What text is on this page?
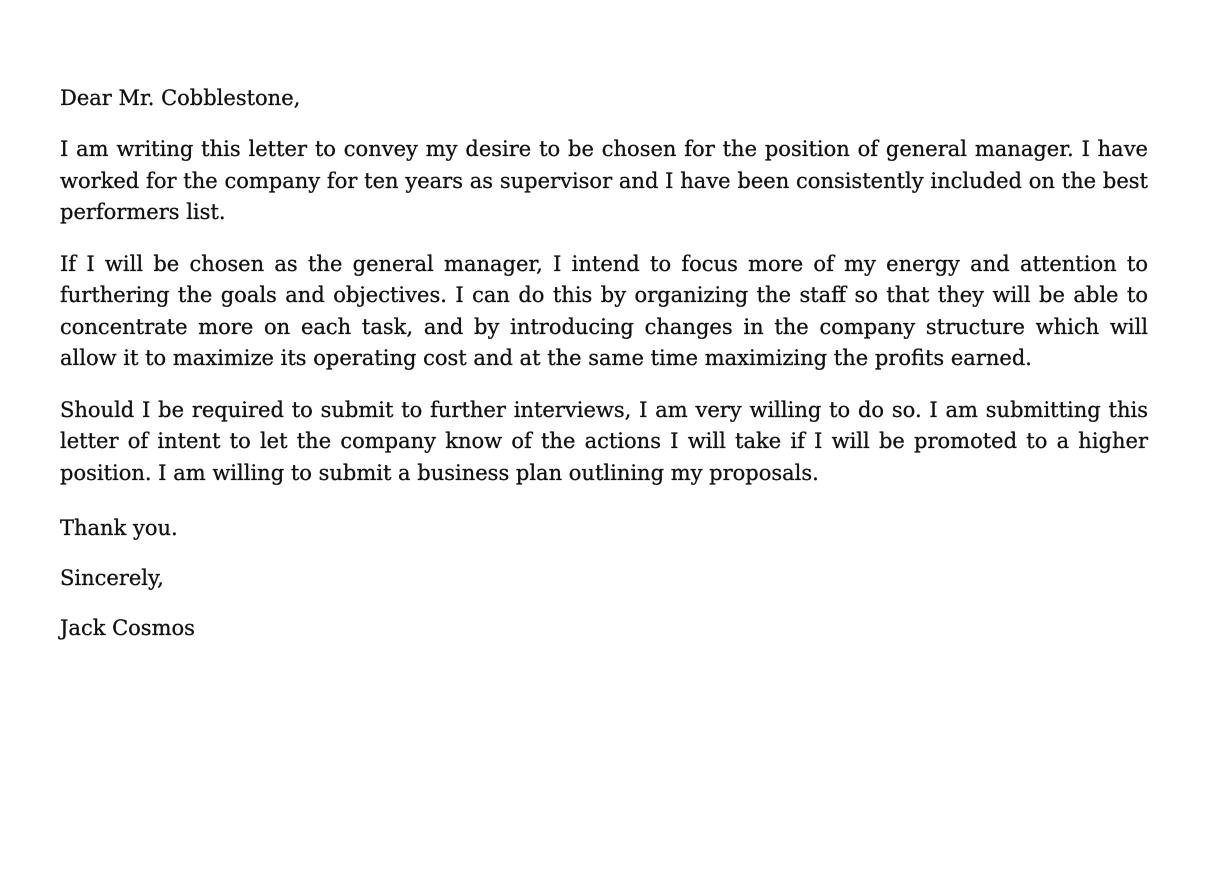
Dear Mr. Cobblestone,

I am writing this letter to convey my desire to be chosen for the position of general manager. I have worked for the company for ten years as supervisor and I have been consistently included on the best performers list.

If I will be chosen as the general manager, I intend to focus more of my energy and attention to furthering the goals and objectives. I can do this by organizing the staff so that they will be able to concentrate more on each task, and by introducing changes in the company structure which will allow it to maximize its operating cost and at the same time maximizing the profits earned.

Should I be required to submit to further interviews, I am very willing to do so. I am submitting this letter of intent to let the company know of the actions I will take if I will be promoted to a higher position. I am willing to submit a business plan outlining my proposals.

Thank you.

Sincerely,

Jack Cosmos
